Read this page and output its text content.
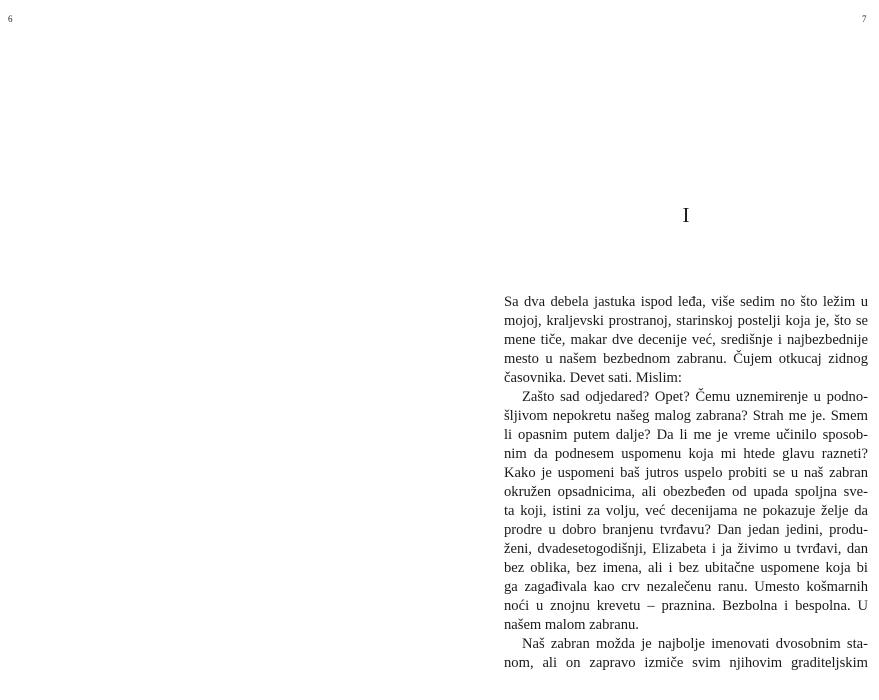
6	7
I
Sa dva debela jastuka ispod leđa, više sedim no što ležim u
mojoj, kraljevski prostranoj, starinskoj postelji koja je, što se
mene tiče, makar dve decenije već, središnje i najbezbednije
mesto u našem bezbednom zabranu. Čujem otkucaj zidnog
časovnika. Devet sati. Mislim:
Zašto sad odjedared? Opet? Čemu uznemirenje u podno-
šljivom nepokretu našeg malog zabrana? Strah me je. Smem
li opasnim putem dalje? Da li me je vreme učinilo sposob-
nim da podnesem uspomenu koja mi htede glavu razneti?
Kako je uspomeni baš jutros uspelo probiti se u naš zabran
okružen opsadnicima, ali obezbeđen od upada spoljna sve-
ta koji, istini za volju, već decenijama ne pokazuje želje da
prodre u dobro branjenu tvrđavu? Dan jedan jedini, produ-
ženi, dvadesetogodišnji, Elizabeta i ja živimo u tvrđavi, dan
bez oblika, bez imena, ali i bez ubitačne uspomene koja bi
ga zagađivala kao crv nezalečenu ranu. Umesto košmarnih
noći u znojnu krevetu – praznina. Bezbolna i bespolna. U
našem malom zabranu.
Naš zabran možda je najbolje imenovati dvosobnim sta-
nom, ali on zapravo izmiče svim njihovim graditeljskim
